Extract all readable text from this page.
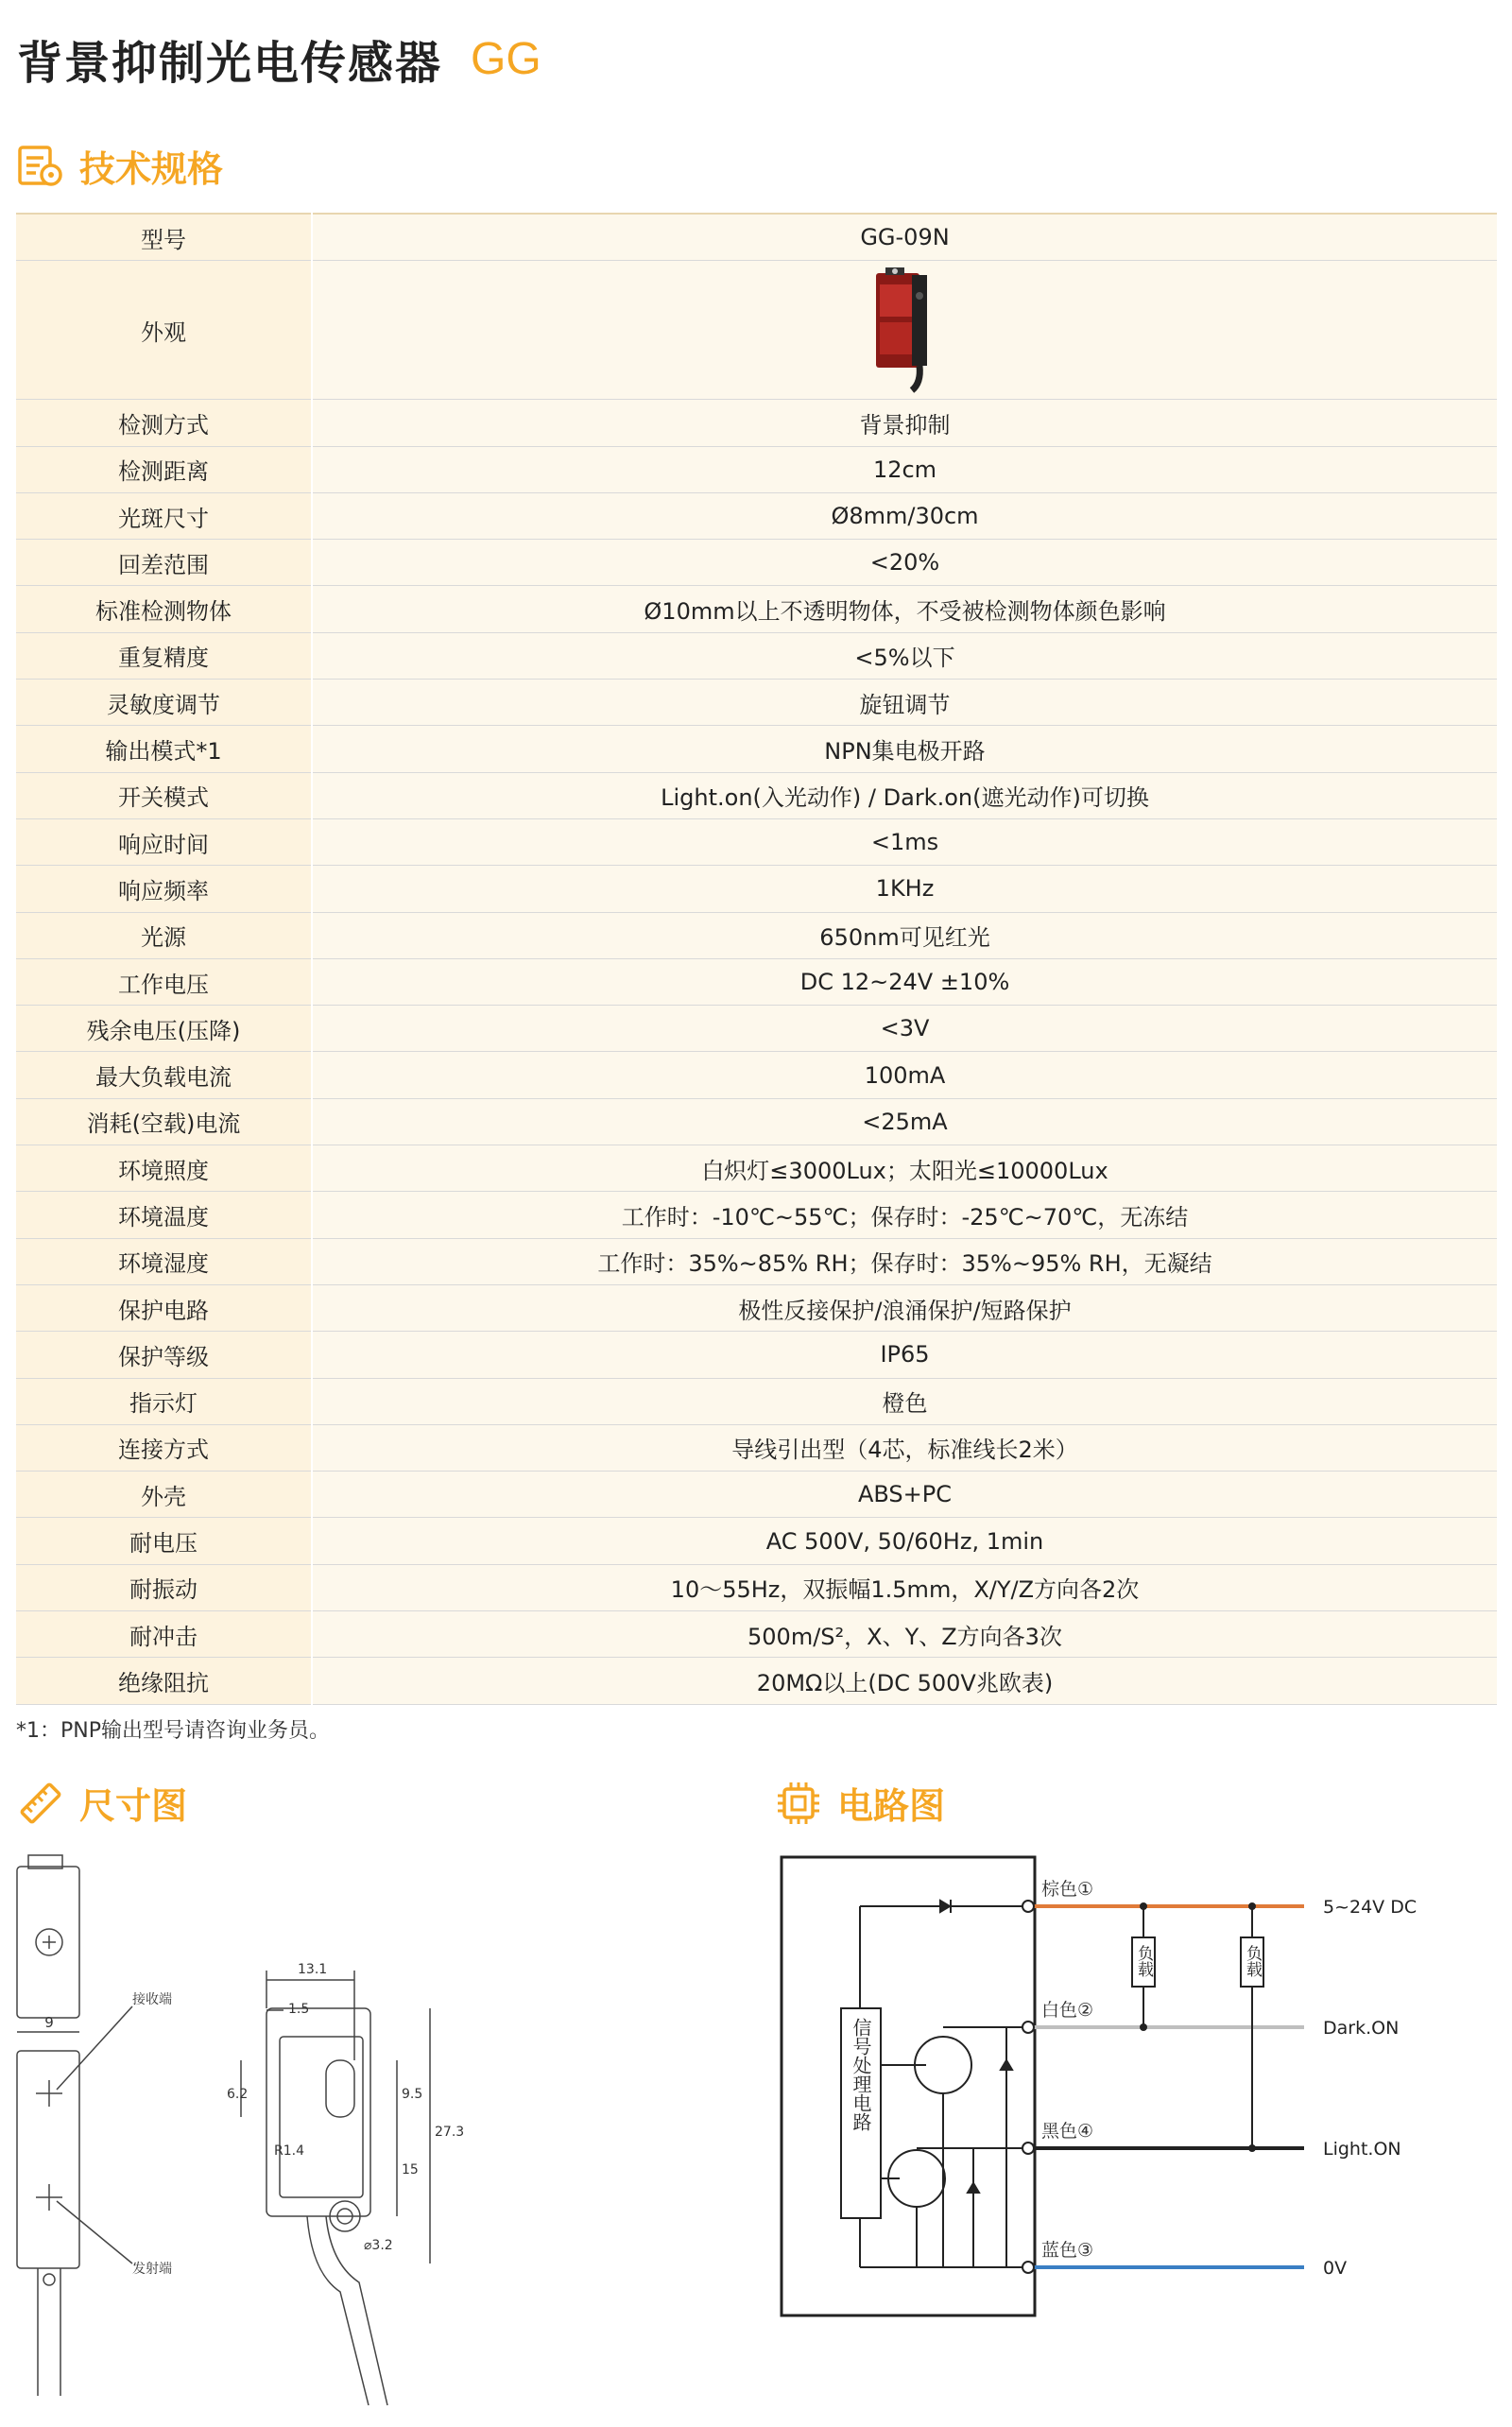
背景抑制光电传感器 GG
技术规格
型号	GG-09N
外观	

检测方式	背景抑制
检测距离	12cm
光斑尺寸	Ø8mm/30cm
回差范围	<20%
标准检测物体	Ø10mm以上不透明物体，不受被检测物体颜色影响
重复精度	<5%以下
灵敏度调节	旋钮调节
输出模式*1	NPN集电极开路
开关模式	Light.on(入光动作) / Dark.on(遮光动作)可切换
响应时间	<1ms
响应频率	1KHz
光源	650nm可见红光
工作电压	DC 12~24V ±10%
残余电压(压降)	<3V
最大负载电流	100mA
消耗(空载)电流	<25mA
环境照度	白炽灯≤3000Lux；太阳光≤10000Lux
环境温度	工作时：-10℃~55℃；保存时：-25℃~70℃，无冻结
环境湿度	工作时：35%~85% RH；保存时：35%~95% RH，无凝结
保护电路	极性反接保护/浪涌保护/短路保护
保护等级	IP65
指示灯	橙色
连接方式	导线引出型（4芯，标准线长2米）
外壳	ABS+PC
耐电压	AC 500V, 50/60Hz, 1min
耐振动	10～55Hz，双振幅1.5mm，X/Y/Z方向各2次
耐冲击	500m/S²，X、Y、Z方向各3次
绝缘阻抗	20MΩ以上(DC 500V兆欧表)
*1：PNP输出型号请咨询业务员。
尺寸图
9
接收端
发射端
13.1
1.5
9.5
6.2
R1.4
15
27.3
⌀3.2
电路图
信号处理电路
负载	负载
棕色①
白色②
黑色④
蓝色③
5~24V DC
Dark.ON
Light.ON
0V
